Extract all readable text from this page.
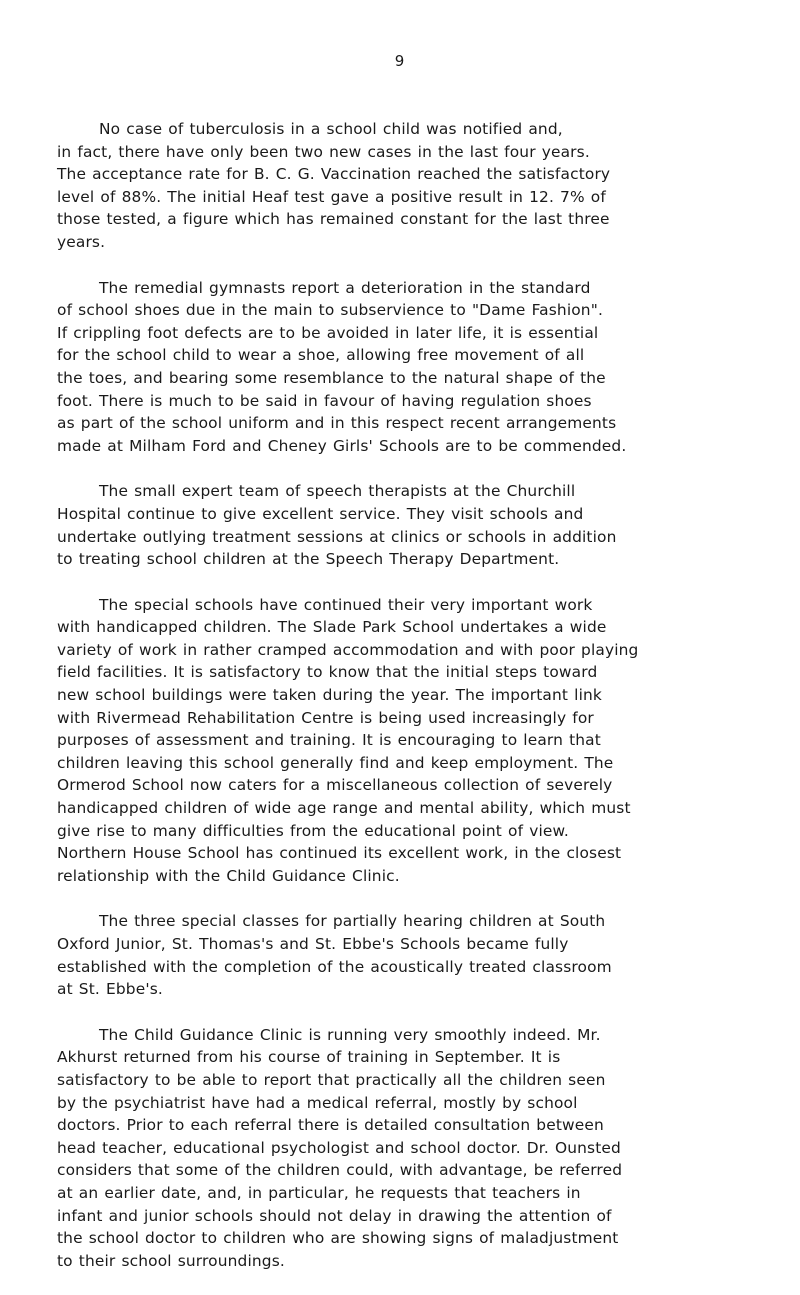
9

No case of tuberculosis in a school child was notified and,
in fact, there have only been two new cases in the last four years.
The acceptance rate for B. C. G. Vaccination reached the satisfactory
level of 88%. The initial Heaf test gave a positive result in 12. 7% of
those tested, a figure which has remained constant for the last three
years.

The remedial gymnasts report a deterioration in the standard
of school shoes due in the main to subservience to "Dame Fashion".
If crippling foot defects are to be avoided in later life, it is essential
for the school child to wear a shoe, allowing free movement of all
the toes, and bearing some resemblance to the natural shape of the
foot. There is much to be said in favour of having regulation shoes
as part of the school uniform and in this respect recent arrangements
made at Milham Ford and Cheney Girls' Schools are to be commended.

The small expert team of speech therapists at the Churchill
Hospital continue to give excellent service. They visit schools and
undertake outlying treatment sessions at clinics or schools in addition
to treating school children at the Speech Therapy Department.

The special schools have continued their very important work
with handicapped children. The Slade Park School undertakes a wide
variety of work in rather cramped accommodation and with poor playing
field facilities. It is satisfactory to know that the initial steps toward
new school buildings were taken during the year. The important link
with Rivermead Rehabilitation Centre is being used increasingly for
purposes of assessment and training. It is encouraging to learn that
children leaving this school generally find and keep employment. The
Ormerod School now caters for a miscellaneous collection of severely
handicapped children of wide age range and mental ability, which must
give rise to many difficulties from the educational point of view.
Northern House School has continued its excellent work, in the closest
relationship with the Child Guidance Clinic.

The three special classes for partially hearing children at South
Oxford Junior, St. Thomas's and St. Ebbe's Schools became fully
established with the completion of the acoustically treated classroom
at St. Ebbe's.

The Child Guidance Clinic is running very smoothly indeed. Mr.
Akhurst returned from his course of training in September. It is
satisfactory to be able to report that practically all the children seen
by the psychiatrist have had a medical referral, mostly by school
doctors. Prior to each referral there is detailed consultation between
head teacher, educational psychologist and school doctor. Dr. Ounsted
considers that some of the children could, with advantage, be referred
at an earlier date, and, in particular, he requests that teachers in
infant and junior schools should not delay in drawing the attention of
the school doctor to children who are showing signs of maladjustment
to their school surroundings.
